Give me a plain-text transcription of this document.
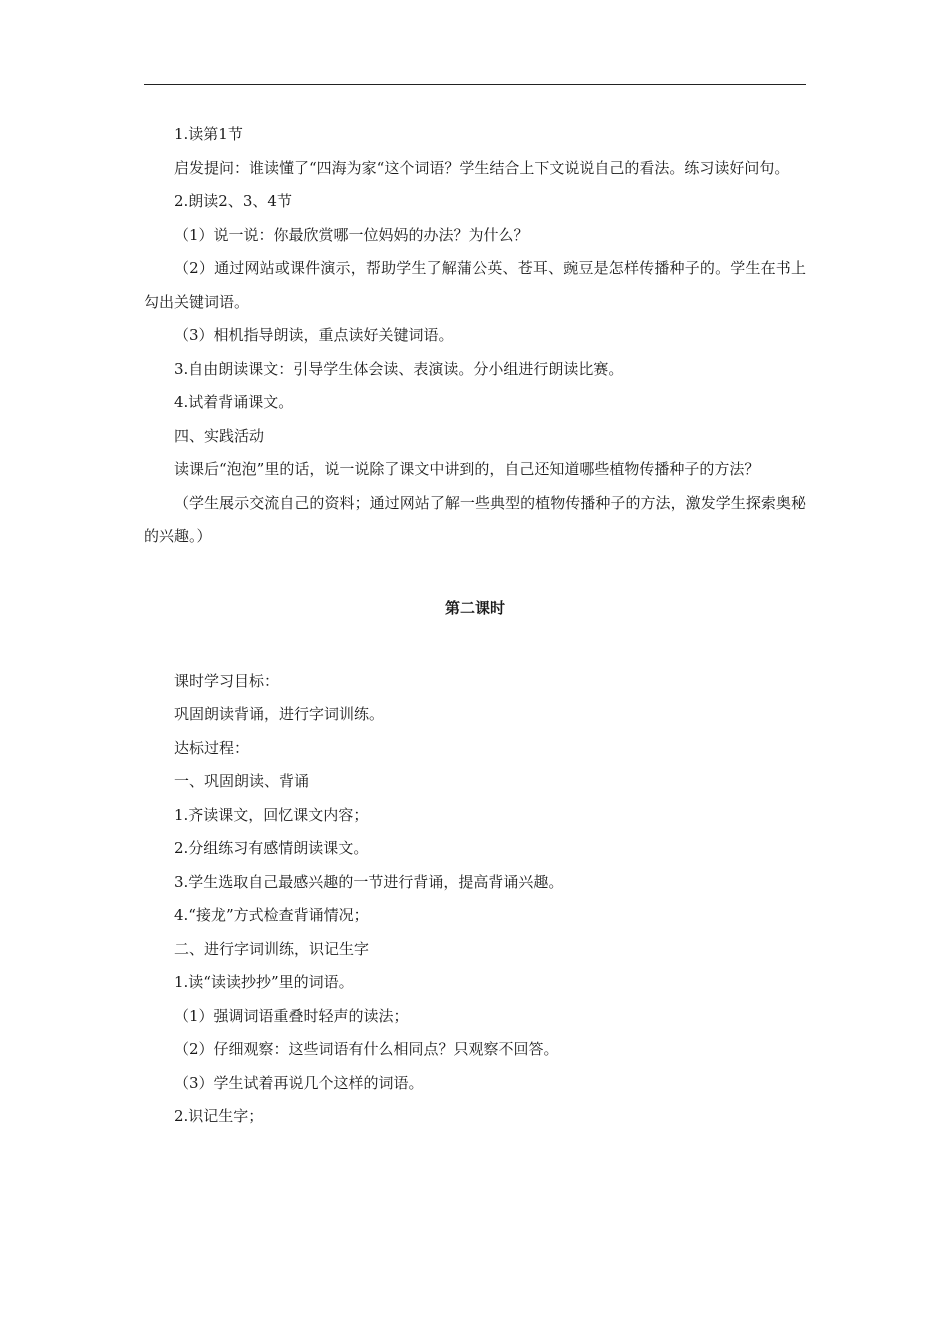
1.读第1节

启发提问：谁读懂了“四海为家“这个词语？学生结合上下文说说自己的看法。练习读好问句。

2.朗读2、3、4节

（1）说一说：你最欣赏哪一位妈妈的办法？为什么？

（2）通过网站或课件演示，帮助学生了解蒲公英、苍耳、豌豆是怎样传播种子的。学生在书上勾出关键词语。

（3）相机指导朗读，重点读好关键词语。

3.自由朗读课文：引导学生体会读、表演读。分小组进行朗读比赛。

4.试着背诵课文。

四、实践活动

读课后“泡泡”里的话，说一说除了课文中讲到的，自己还知道哪些植物传播种子的方法？

（学生展示交流自己的资料；通过网站了解一些典型的植物传播种子的方法，激发学生探索奥秘的兴趣。）

第二课时

课时学习目标：

巩固朗读背诵，进行字词训练。

达标过程：

一、巩固朗读、背诵

1.齐读课文，回忆课文内容；

2.分组练习有感情朗读课文。

3.学生选取自己最感兴趣的一节进行背诵，提高背诵兴趣。

4.“接龙”方式检查背诵情况；

二、进行字词训练，识记生字

1.读“读读抄抄”里的词语。

（1）强调词语重叠时轻声的读法；

（2）仔细观察：这些词语有什么相同点？只观察不回答。

（3）学生试着再说几个这样的词语。

2.识记生字；
